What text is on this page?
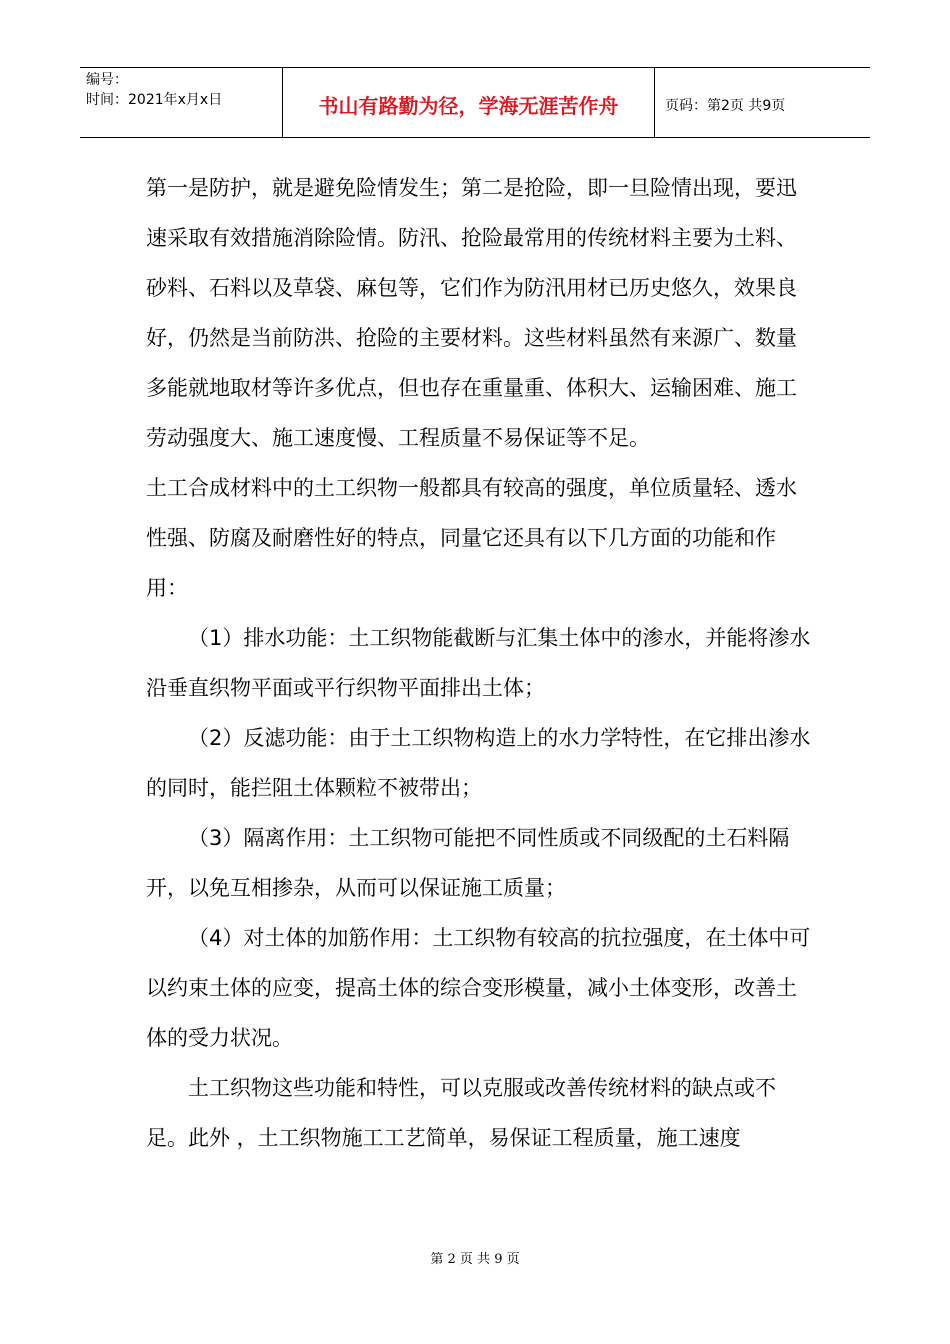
编号：
时间：2021年x月x日	书山有路勤为径，学海无涯苦作舟	页码：第2页 共9页

第一是防护，就是避免险情发生；第二是抢险，即一旦险情出现，要迅速采取有效措施消除险情。防汛、抢险最常用的传统材料主要为土料、砂料、石料以及草袋、麻包等，它们作为防汛用材已历史悠久，效果良好，仍然是当前防洪、抢险的主要材料。这些材料虽然有来源广、数量多能就地取材等许多优点，但也存在重量重、体积大、运输困难、施工劳动强度大、施工速度慢、工程质量不易保证等不足。

土工合成材料中的土工织物一般都具有较高的强度，单位质量轻、透水性强、防腐及耐磨性好的特点，同量它还具有以下几方面的功能和作用：

（1）排水功能：土工织物能截断与汇集土体中的渗水，并能将渗水沿垂直织物平面或平行织物平面排出土体；

（2）反滤功能：由于土工织物构造上的水力学特性，在它排出渗水的同时，能拦阻土体颗粒不被带出；

（3）隔离作用：土工织物可能把不同性质或不同级配的土石料隔开，以免互相掺杂，从而可以保证施工质量；

（4）对土体的加筋作用：土工织物有较高的抗拉强度，在土体中可以约束土体的应变，提高土体的综合变形模量，减小土体变形，改善土体的受力状况。

土工织物这些功能和特性，可以克服或改善传统材料的缺点或不足。此外 ，土工织物施工工艺简单，易保证工程质量，施工速度

第 2 页 共 9 页
